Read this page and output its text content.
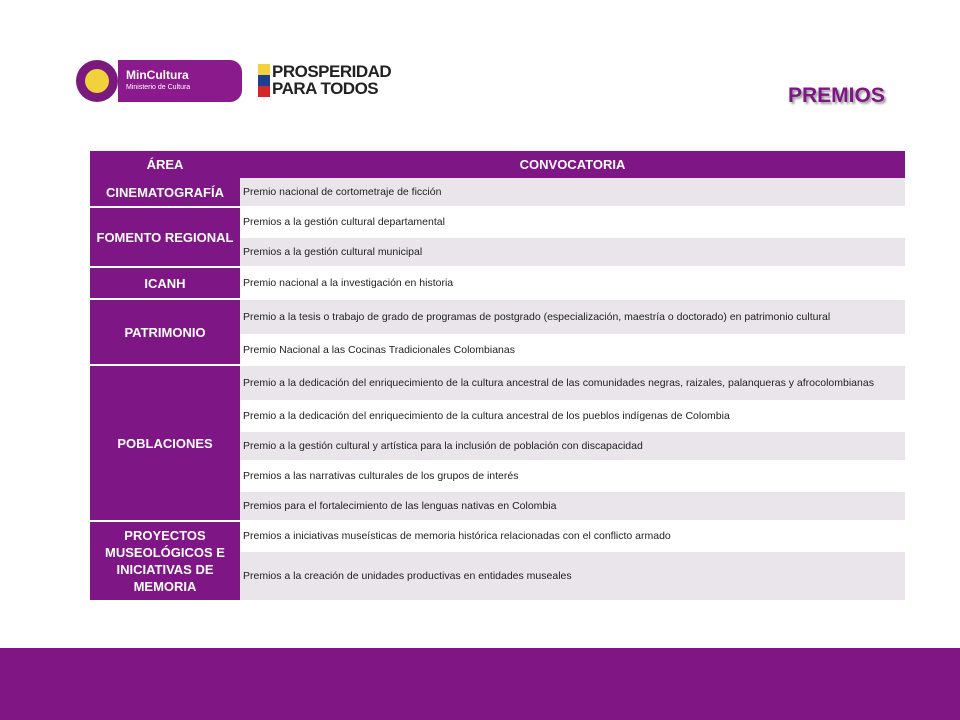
MinCultura
Ministerio de Cultura
PROSPERIDAD
PARA TODOS	PREMIOS
ÁREA	CONVOCATORIA
CINEMATOGRAFÍA	Premio nacional de cortometraje de ficción
FOMENTO REGIONAL	Premios a la gestión cultural departamental
	Premios a la gestión cultural municipal
ICANH	Premio nacional a la investigación en historia
PATRIMONIO	Premio a la tesis o trabajo de grado de programas de postgrado (especialización, maestría o doctorado) en patrimonio cultural
	Premio Nacional a las Cocinas Tradicionales Colombianas
POBLACIONES	Premio a la dedicación del enriquecimiento de la cultura ancestral de las comunidades negras, raizales, palanqueras y afrocolombianas
	Premio a la dedicación del enriquecimiento de la cultura ancestral de los pueblos indígenas de Colombia
	Premio a la gestión cultural y artística para la inclusión de población con discapacidad
	Premios a las narrativas culturales de los grupos de interés
	Premios para el fortalecimiento de las lenguas nativas en Colombia
PROYECTOS MUSEOLÓGICOS E INICIATIVAS DE MEMORIA	Premios a iniciativas museísticas de memoria histórica relacionadas con el conflicto armado
	Premios a la creación de unidades productivas en entidades museales
